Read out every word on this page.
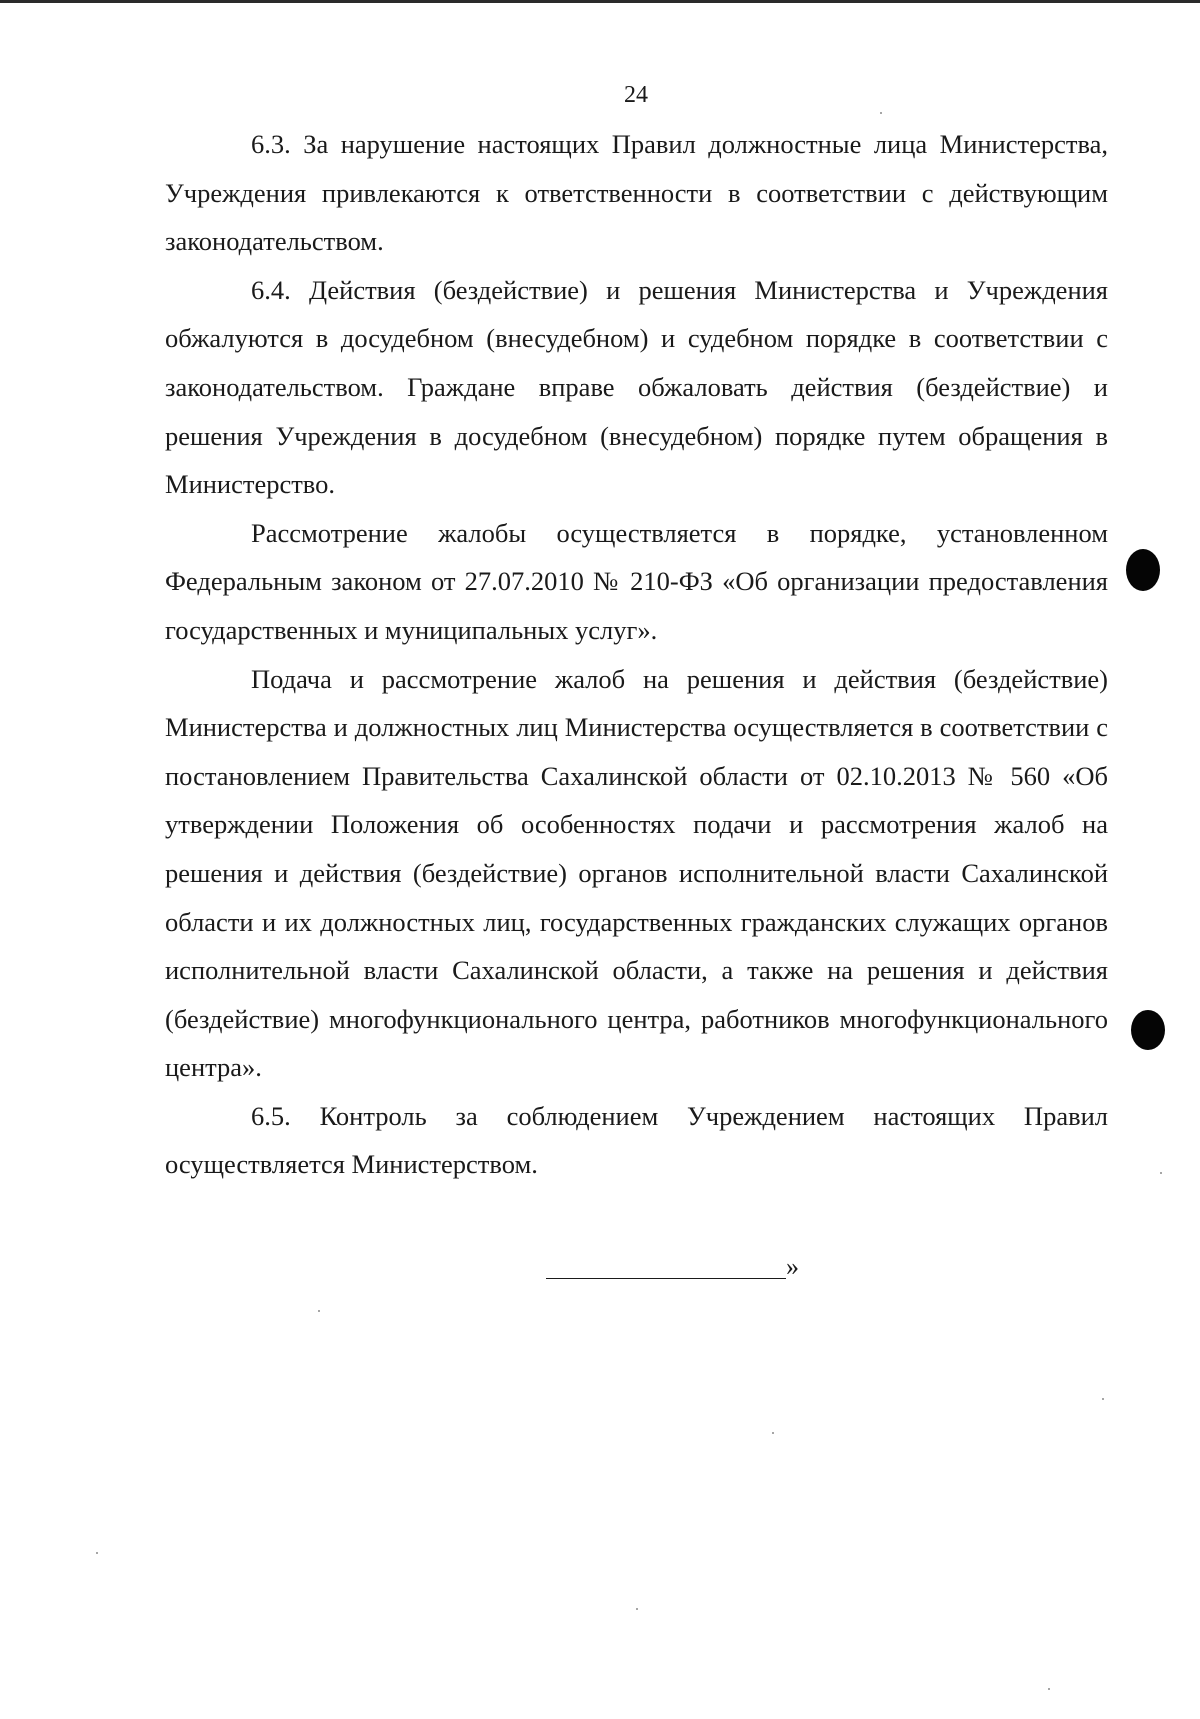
24

6.3. За нарушение настоящих Правил должностные лица Министерства, Учреждения привлекаются к ответственности в соответствии с действующим законодательством.

6.4. Действия (бездействие) и решения Министерства и Учреждения обжалуются в досудебном (внесудебном) и судебном порядке в соответствии с законодательством. Граждане вправе обжаловать действия (бездействие) и решения Учреждения в досудебном (внесудебном) порядке путем обращения в Министерство.

Рассмотрение жалобы осуществляется в порядке, установленном Федеральным законом от 27.07.2010 № 210-ФЗ «Об организации предоставления государственных и муниципальных услуг».

Подача и рассмотрение жалоб на решения и действия (бездействие) Министерства и должностных лиц Министерства осуществляется в соответствии с постановлением Правительства Сахалинской области от 02.10.2013 № 560 «Об утверждении Положения об особенностях подачи и рассмотрения жалоб на решения и действия (бездействие) органов исполнительной власти Сахалинской области и их должностных лиц, государственных гражданских служащих органов исполнительной власти Сахалинской области, а также на решения и действия (бездействие) многофункционального центра, работников многофункционального центра».

6.5. Контроль за соблюдением Учреждением настоящих Правил осуществляется Министерством.

»
